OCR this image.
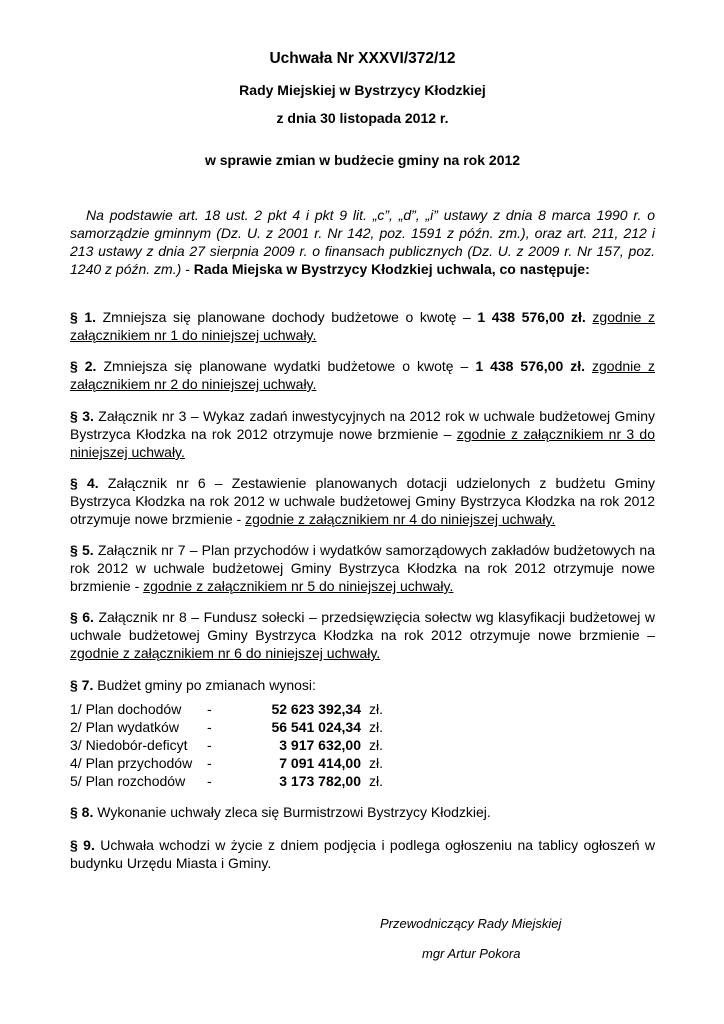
Uchwała Nr XXXVI/372/12
Rady Miejskiej w Bystrzycy Kłodzkiej
z dnia 30 listopada 2012 r.
w sprawie zmian w budżecie gminy na rok 2012
Na podstawie art. 18 ust. 2 pkt 4 i pkt 9 lit. „c”, „d”, „i” ustawy z dnia 8 marca 1990 r. o samorządzie gminnym (Dz. U. z 2001 r. Nr 142, poz. 1591 z późn. zm.), oraz art. 211, 212 i 213 ustawy z dnia 27 sierpnia 2009 r. o finansach publicznych (Dz. U. z 2009 r. Nr 157, poz. 1240 z późn. zm.) - Rada Miejska w Bystrzycy Kłodzkiej uchwala, co następuje:
§ 1. Zmniejsza się planowane dochody budżetowe o kwotę – 1 438 576,00 zł. zgodnie z załącznikiem nr 1 do niniejszej uchwały.
§ 2. Zmniejsza się planowane wydatki budżetowe o kwotę – 1 438 576,00 zł. zgodnie z załącznikiem nr 2 do niniejszej uchwały.
§ 3. Załącznik nr 3 – Wykaz zadań inwestycyjnych na 2012 rok w uchwale budżetowej Gminy Bystrzyca Kłodzka na rok 2012 otrzymuje nowe brzmienie – zgodnie z załącznikiem nr 3 do niniejszej uchwały.
§ 4. Załącznik nr 6 – Zestawienie planowanych dotacji udzielonych z budżetu Gminy Bystrzyca Kłodzka na rok 2012 w uchwale budżetowej Gminy Bystrzyca Kłodzka na rok 2012 otrzymuje nowe brzmienie - zgodnie z załącznikiem nr 4 do niniejszej uchwały.
§ 5. Załącznik nr 7 – Plan przychodów i wydatków samorządowych zakładów budżetowych na rok 2012 w uchwale budżetowej Gminy Bystrzyca Kłodzka na rok 2012 otrzymuje nowe brzmienie - zgodnie z załącznikiem nr 5 do niniejszej uchwały.
§ 6. Załącznik nr 8 – Fundusz sołecki – przedsięwzięcia sołectw wg klasyfikacji budżetowej w uchwale budżetowej Gminy Bystrzyca Kłodzka na rok 2012 otrzymuje nowe brzmienie – zgodnie z załącznikiem nr 6 do niniejszej uchwały.
§ 7. Budżet gminy po zmianach wynosi:
1/ Plan dochodów	-	52 623 392,34	zł.
2/ Plan wydatków	-	56 541 024,34	zł.
3/ Niedobór-deficyt	-	3 917 632,00	zł.
4/ Plan przychodów	-	7 091 414,00	zł.
5/ Plan rozchodów	-	3 173 782,00	zł.
§ 8. Wykonanie uchwały zleca się Burmistrzowi Bystrzycy Kłodzkiej.
§ 9. Uchwała wchodzi w życie z dniem podjęcia i podlega ogłoszeniu na tablicy ogłoszeń w budynku Urzędu Miasta i Gminy.
Przewodniczący Rady Miejskiej
mgr Artur Pokora
